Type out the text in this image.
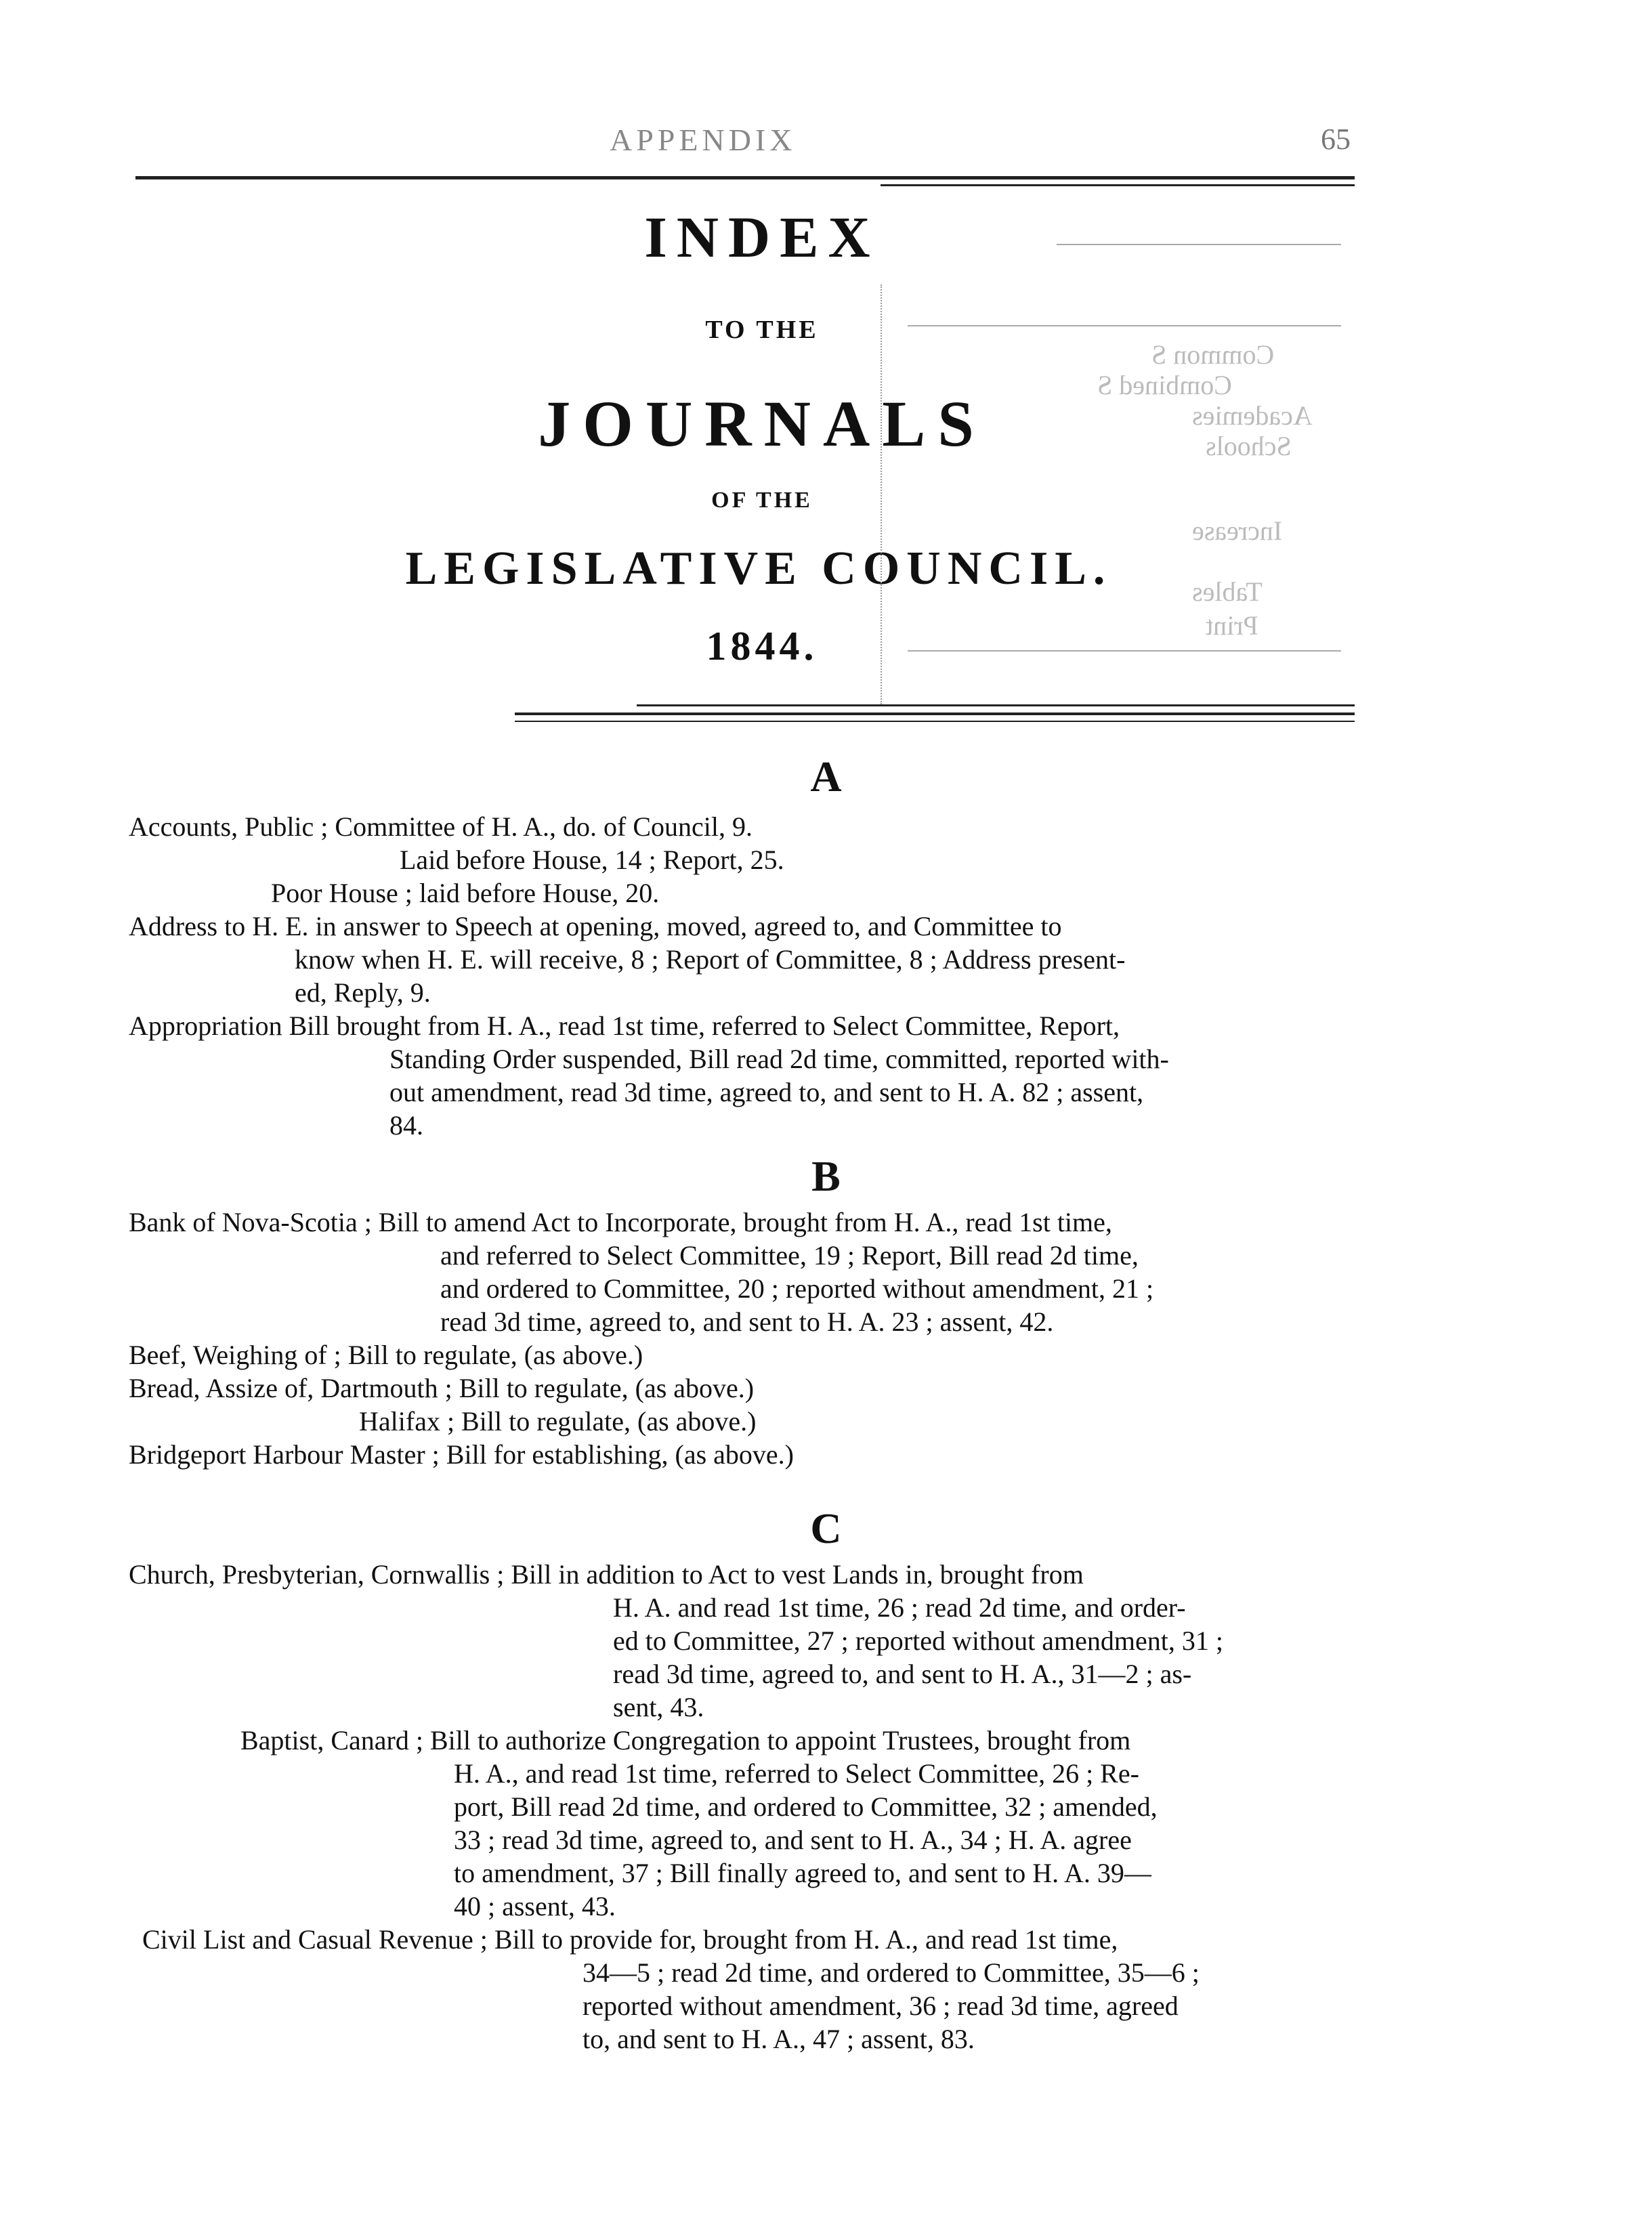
APPENDIX	65
INDEX
TO THE
JOURNALS
OF THE
LEGISLATIVE COUNCIL.
1844.
Common S
Combined S
Academies
Schools
Increase
Tables
Print
A
Accounts, Public ; Committee of H. A., do. of Council, 9.
Laid before House, 14 ; Report, 25.
Poor House ; laid before House, 20.
Address to H. E. in answer to Speech at opening, moved, agreed to, and Committee to
know when H. E. will receive, 8 ; Report of Committee, 8 ; Address present-
ed, Reply, 9.
Appropriation Bill brought from H. A., read 1st time, referred to Select Committee, Report,
Standing Order suspended, Bill read 2d time, committed, reported with-
out amendment, read 3d time, agreed to, and sent to H. A. 82 ; assent,
84.
B
Bank of Nova-Scotia ; Bill to amend Act to Incorporate, brought from H. A., read 1st time,
and referred to Select Committee, 19 ; Report, Bill read 2d time,
and ordered to Committee, 20 ; reported without amendment, 21 ;
read 3d time, agreed to, and sent to H. A. 23 ; assent, 42.
Beef, Weighing of ; Bill to regulate, (as above.)
Bread, Assize of, Dartmouth ; Bill to regulate, (as above.)
Halifax ; Bill to regulate, (as above.)
Bridgeport Harbour Master ; Bill for establishing, (as above.)
C
Church, Presbyterian, Cornwallis ; Bill in addition to Act to vest Lands in, brought from
H. A. and read 1st time, 26 ; read 2d time, and order-
ed to Committee, 27 ; reported without amendment, 31 ;
read 3d time, agreed to, and sent to H. A., 31—2 ; as-
sent, 43.
Baptist, Canard ; Bill to authorize Congregation to appoint Trustees, brought from
H. A., and read 1st time, referred to Select Committee, 26 ; Re-
port, Bill read 2d time, and ordered to Committee, 32 ; amended,
33 ; read 3d time, agreed to, and sent to H. A., 34 ; H. A. agree
to amendment, 37 ; Bill finally agreed to, and sent to H. A. 39—
40 ; assent, 43.
Civil List and Casual Revenue ; Bill to provide for, brought from H. A., and read 1st time,
34—5 ; read 2d time, and ordered to Committee, 35—6 ;
reported without amendment, 36 ; read 3d time, agreed
to, and sent to H. A., 47 ; assent, 83.
